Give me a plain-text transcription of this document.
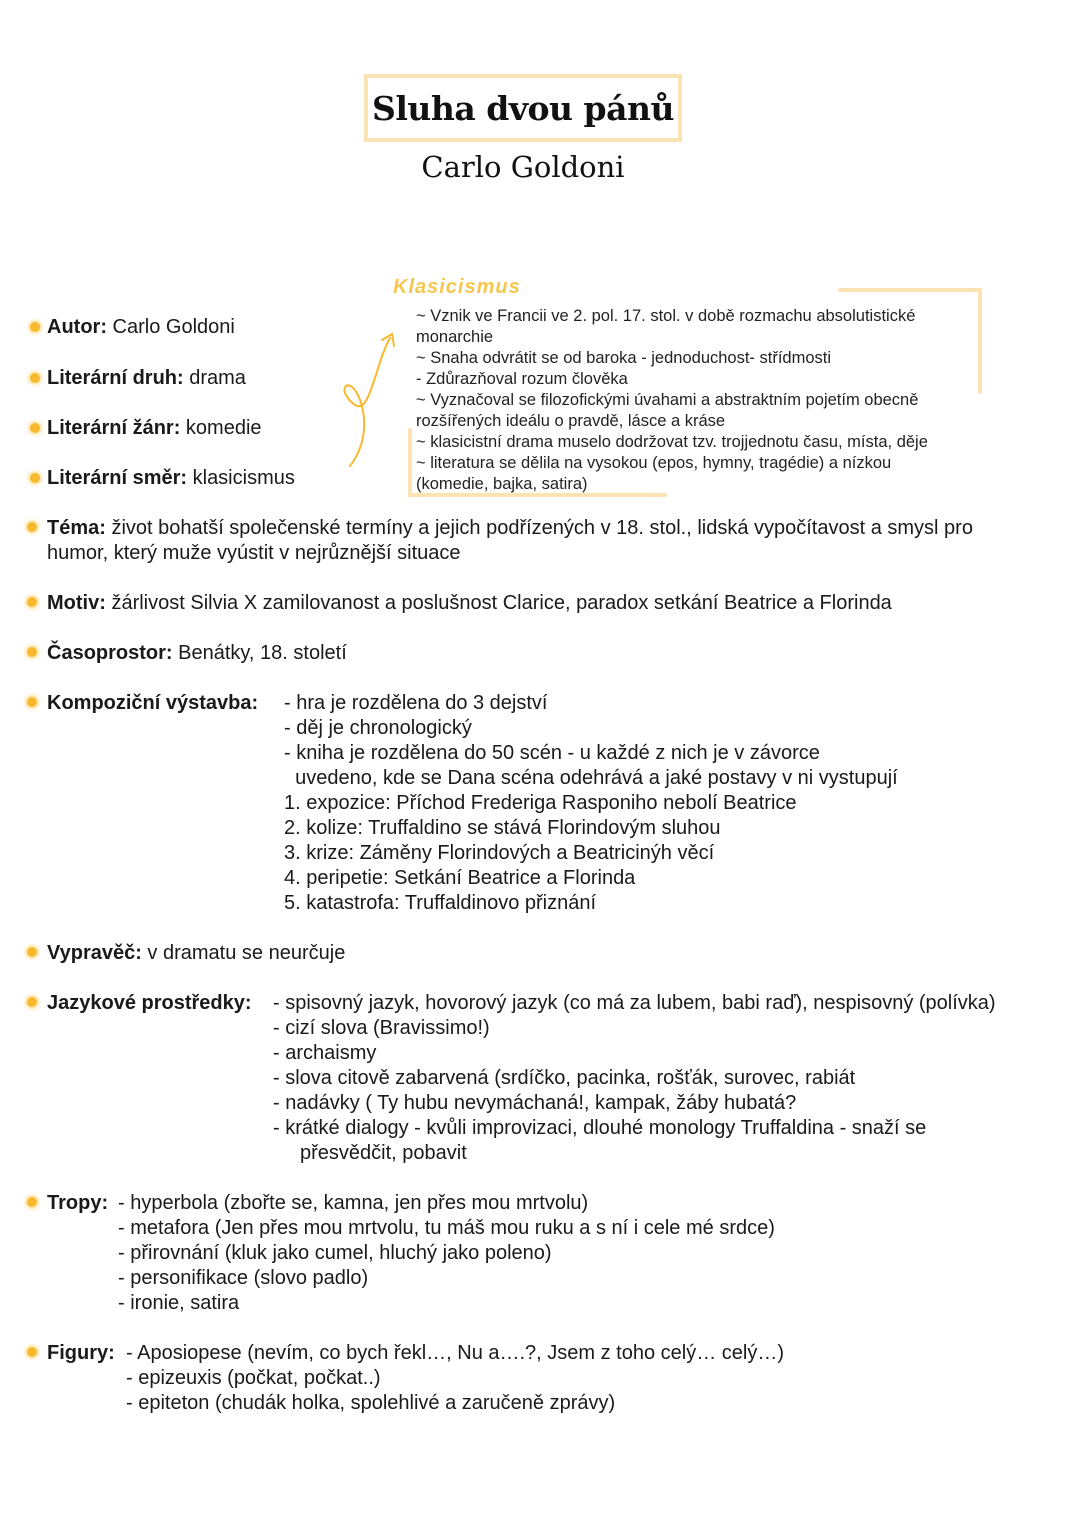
Sluha dvou pánů
Carlo Goldoni
Klasicismus
~ Vznik ve Francii ve 2. pol. 17. stol. v době rozmachu absolutistické
monarchie
~ Snaha odvrátit se od baroka - jednoduchost- střídmosti
- Zdůrazňoval rozum člověka
~ Vyznačoval se filozofickými úvahami a abstraktním pojetím obecně
rozšířených ideálu o pravdě, lásce a kráse
~ klasicistní drama muselo dodržovat tzv. trojjednotu času, místa, děje
~ literatura se dělila na vysokou (epos, hymny, tragédie) a nízkou
(komedie, bajka, satira)
Autor: Carlo Goldoni
Literární druh: drama
Literární žánr: komedie
Literární směr: klasicismus
Téma: život bohatší společenské termíny a jejich podřízených v 18. stol., lidská vypočítavost a smysl pro
humor, který muže vyústit v nejrůznější situace
Motiv: žárlivost Silvia X zamilovanost a poslušnost Clarice, paradox setkání Beatrice a Florinda
Časoprostor: Benátky, 18. století
Kompoziční výstavba: - hra je rozdělena do 3 dejství
- děj je chronologický
- kniha je rozdělena do 50 scén - u každé z nich je v závorce
uvedeno, kde se Dana scéna odehrává a jaké postavy v ni vystupují
1. expozice: Příchod Frederiga Rasponiho nebolí Beatrice
2. kolize: Truffaldino se stává Florindovým sluhou
3. krize: Záměny Florindových a Beatricinýh věcí
4. peripetie: Setkání Beatrice a Florinda
5. katastrofa: Truffaldinovo přiznání
Vypravěč: v dramatu se neurčuje
Jazykové prostředky: - spisovný jazyk, hovorový jazyk (co má za lubem, babi raď), nespisovný (polívka)
- cizí slova (Bravissimo!)
- archaismy
- slova citově zabarvená (srdíčko, pacinka, rošťák, surovec, rabiát
- nadávky ( Ty hubu nevymáchaná!, kampak, žáby hubatá?
- krátké dialogy - kvůli improvizaci, dlouhé monology Truffaldina - snaží se
přesvědčit, pobavit
Tropy: - hyperbola (zbořte se, kamna, jen přes mou mrtvolu)
- metafora (Jen přes mou mrtvolu, tu máš mou ruku a s ní i cele mé srdce)
- přirovnání (kluk jako cumel, hluchý jako poleno)
- personifikace (slovo padlo)
- ironie, satira
Figury: - Aposiopese (nevím, co bych řekl…, Nu a….?, Jsem z toho celý… celý…)
- epizeuxis (počkat, počkat..)
- epiteton (chudák holka, spolehlivé a zaručeně zprávy)
